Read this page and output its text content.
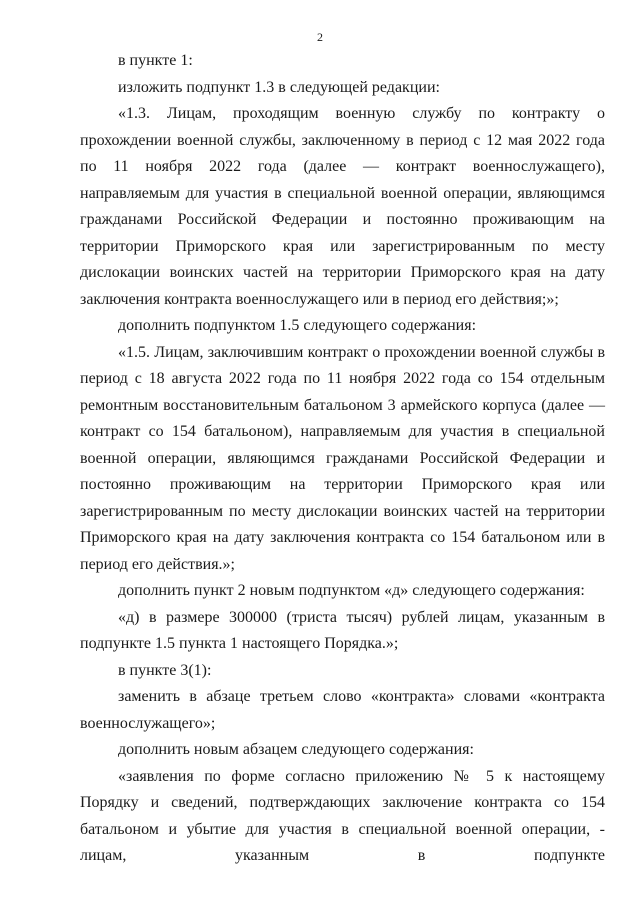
2

в пункте 1:

изложить подпункт 1.3 в следующей редакции:

«1.3. Лицам, проходящим военную службу по контракту о прохождении военной службы, заключенному в период с 12 мая 2022 года по 11 ноября 2022 года (далее — контракт военнослужащего), направляемым для участия в специальной военной операции, являющимся гражданами Российской Федерации и постоянно проживающим на территории Приморского края или зарегистрированным по месту дислокации воинских частей на территории Приморского края на дату заключения контракта военнослужащего или в период его действия;»;

дополнить подпунктом 1.5 следующего содержания:

«1.5. Лицам, заключившим контракт о прохождении военной службы в период с 18 августа 2022 года по 11 ноября 2022 года со 154 отдельным ремонтным восстановительным батальоном 3 армейского корпуса (далее — контракт со 154 батальоном), направляемым для участия в специальной военной операции, являющимся гражданами Российской Федерации и постоянно проживающим на территории Приморского края или зарегистрированным по месту дислокации воинских частей на территории Приморского края на дату заключения контракта со 154 батальоном или в период его действия.»;

дополнить пункт 2 новым подпунктом «д» следующего содержания:

«д) в размере 300000 (триста тысяч) рублей лицам, указанным в подпункте 1.5 пункта 1 настоящего Порядка.»;

в пункте 3(1):

заменить в абзаце третьем слово «контракта» словами «контракта военнослужащего»;

дополнить новым абзацем следующего содержания:

«заявления по форме согласно приложению № 5 к настоящему Порядку и сведений, подтверждающих заключение контракта со 154 батальоном и убытие для участия в специальной военной операции, - лицам, указанным в подпункте
